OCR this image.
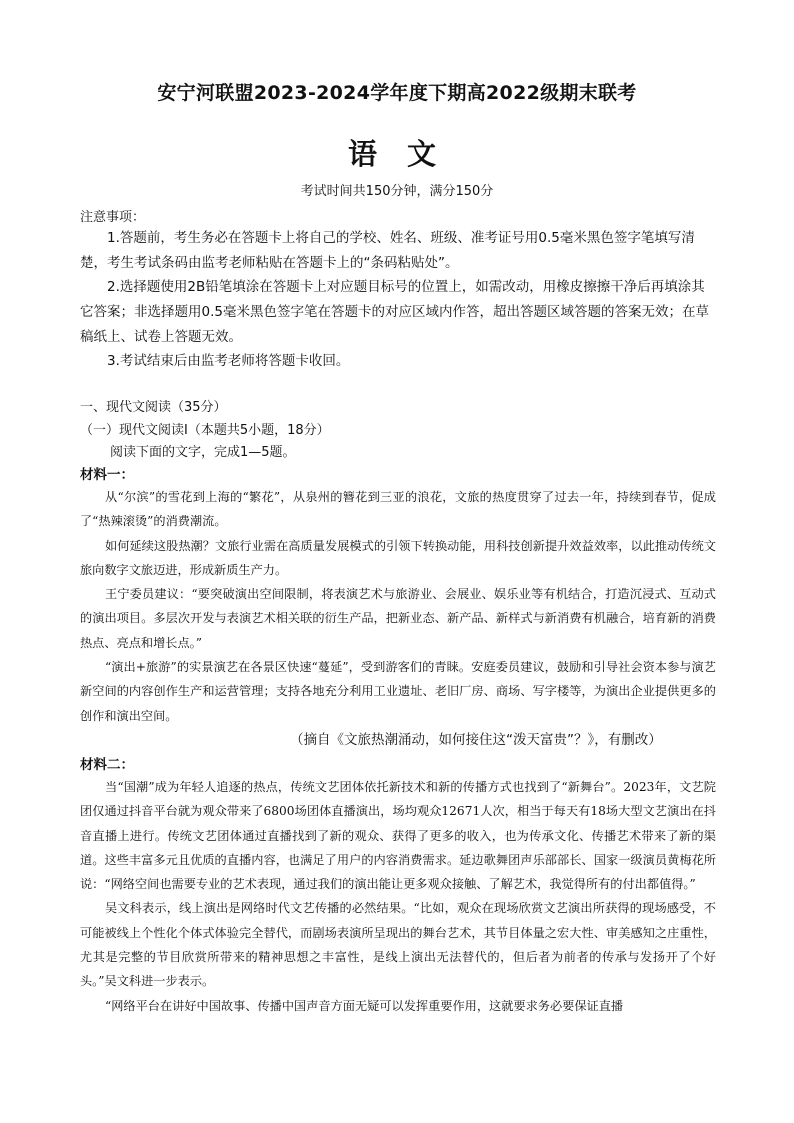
安宁河联盟2023-2024学年度下期高2022级期末联考
语 文
考试时间共150分钟，满分150分
注意事项：
1.答题前，考生务必在答题卡上将自己的学校、姓名、班级、准考证号用0.5毫米黑色签字笔填写清楚，考生考试条码由监考老师粘贴在答题卡上的“条码粘贴处”。
2.选择题使用2B铅笔填涂在答题卡上对应题目标号的位置上，如需改动，用橡皮擦擦干净后再填涂其它答案；非选择题用0.5毫米黑色签字笔在答题卡的对应区域内作答，超出答题区域答题的答案无效；在草稿纸上、试卷上答题无效。
3.考试结束后由监考老师将答题卡收回。
一、现代文阅读（35分）
（一）现代文阅读Ⅰ（本题共5小题，18分）
阅读下面的文字，完成1—5题。
材料一：

从“尔滨”的雪花到上海的“繁花”，从泉州的簪花到三亚的浪花，文旅的热度贯穿了过去一年，持续到春节，促成了“热辣滚烫”的消费潮流。

如何延续这股热潮？文旅行业需在高质量发展模式的引领下转换动能，用科技创新提升效益效率，以此推动传统文旅向数字文旅迈进，形成新质生产力。

王宁委员建议：“要突破演出空间限制，将表演艺术与旅游业、会展业、娱乐业等有机结合，打造沉浸式、互动式的演出项目。多层次开发与表演艺术相关联的衍生产品，把新业态、新产品、新样式与新消费有机融合，培育新的消费热点、亮点和增长点。”

“演出+旅游”的实景演艺在各景区快速“蔓延”，受到游客们的青睐。安庭委员建议，鼓励和引导社会资本参与演艺新空间的内容创作生产和运营管理；支持各地充分利用工业遗址、老旧厂房、商场、写字楼等，为演出企业提供更多的创作和演出空间。

（摘自《文旅热潮涌动，如何接住这“泼天富贵”？》，有删改）
材料二：

当“国潮”成为年轻人追逐的热点，传统文艺团体依托新技术和新的传播方式也找到了“新舞台”。2023年，文艺院团仅通过抖音平台就为观众带来了6800场团体直播演出，场均观众12671人次，相当于每天有18场大型文艺演出在抖音直播上进行。传统文艺团体通过直播找到了新的观众、获得了更多的收入，也为传承文化、传播艺术带来了新的渠道。这些丰富多元且优质的直播内容，也满足了用户的内容消费需求。延边歌舞团声乐部部长、国家一级演员黄梅花所说：“网络空间也需要专业的艺术表现，通过我们的演出能让更多观众接触、了解艺术，我觉得所有的付出都值得。”

吴文科表示，线上演出是网络时代文艺传播的必然结果。“比如，观众在现场欣赏文艺演出所获得的现场感受，不可能被线上个性化个体式体验完全替代，而剧场表演所呈现出的舞台艺术，其节目体量之宏大性、审美感知之庄重性，尤其是完整的节目欣赏所带来的精神思想之丰富性，是线上演出无法替代的，但后者为前者的传承与发扬开了个好头。”吴文科进一步表示。

“网络平台在讲好中国故事、传播中国声音方面无疑可以发挥重要作用，这就要求务必要保证直播
